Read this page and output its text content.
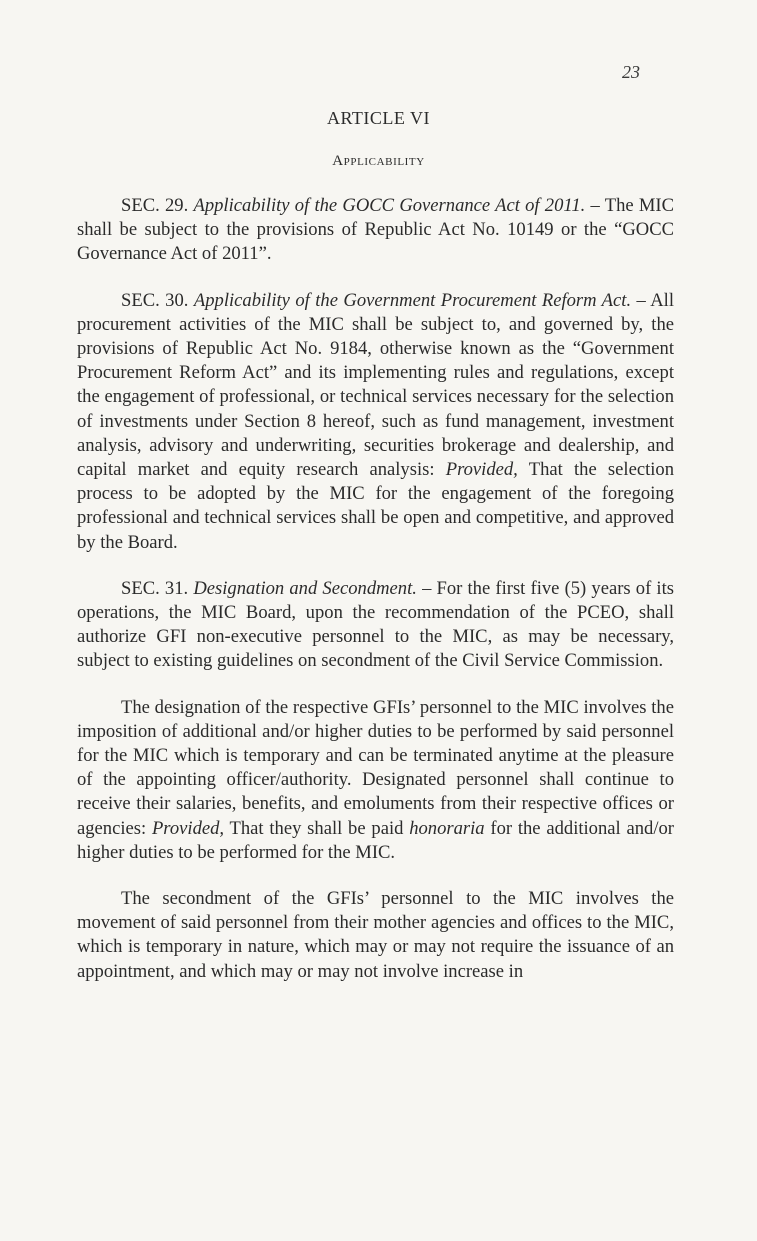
23
ARTICLE VI
Applicability

SEC. 29. Applicability of the GOCC Governance Act of 2011. – The MIC shall be subject to the provisions of Republic Act No. 10149 or the “GOCC Governance Act of 2011”.

SEC. 30. Applicability of the Government Procurement Reform Act. – All procurement activities of the MIC shall be subject to, and governed by, the provisions of Republic Act No. 9184, otherwise known as the “Government Procurement Reform Act” and its implementing rules and regulations, except the engagement of professional, or technical services necessary for the selection of investments under Section 8 hereof, such as fund management, investment analysis, advisory and underwriting, securities brokerage and dealership, and capital market and equity research analysis: Provided, That the selection process to be adopted by the MIC for the engagement of the foregoing professional and technical services shall be open and competitive, and approved by the Board.

SEC. 31. Designation and Secondment. – For the first five (5) years of its operations, the MIC Board, upon the recommendation of the PCEO, shall authorize GFI non-executive personnel to the MIC, as may be necessary, subject to existing guidelines on secondment of the Civil Service Commission.

The designation of the respective GFIs’ personnel to the MIC involves the imposition of additional and/or higher duties to be performed by said personnel for the MIC which is temporary and can be terminated anytime at the pleasure of the appointing officer/authority. Designated personnel shall continue to receive their salaries, benefits, and emoluments from their respective offices or agencies: Provided, That they shall be paid honoraria for the additional and/or higher duties to be performed for the MIC.

The secondment of the GFIs’ personnel to the MIC involves the movement of said personnel from their mother agencies and offices to the MIC, which is temporary in nature, which may or may not require the issuance of an appointment, and which may or may not involve increase in
